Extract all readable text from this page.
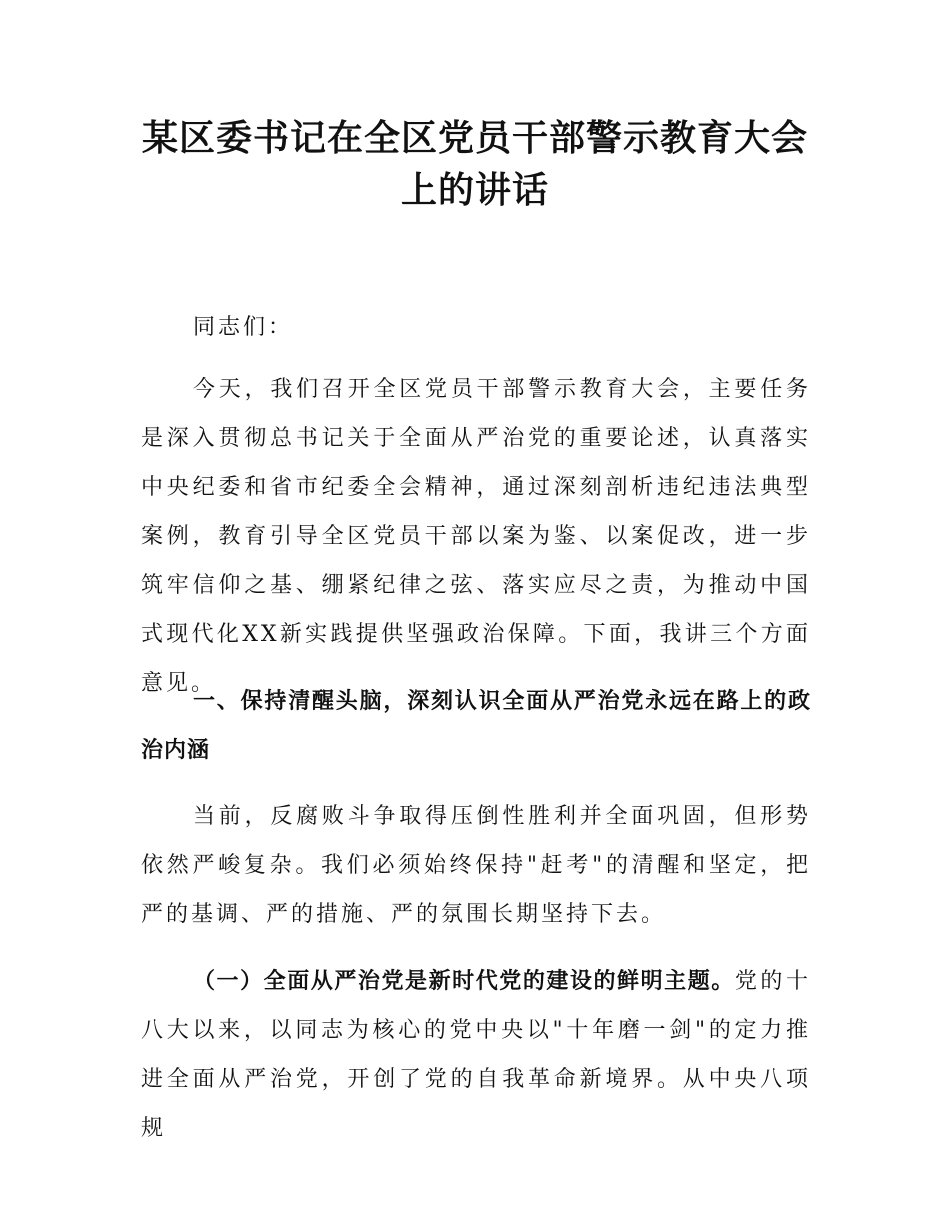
某区委书记在全区党员干部警示教育大会上的讲话

同志们：

今天，我们召开全区党员干部警示教育大会，主要任务是深入贯彻总书记关于全面从严治党的重要论述，认真落实中央纪委和省市纪委全会精神，通过深刻剖析违纪违法典型案例，教育引导全区党员干部以案为鉴、以案促改，进一步筑牢信仰之基、绷紧纪律之弦、落实应尽之责，为推动中国式现代化XX新实践提供坚强政治保障。下面，我讲三个方面意见。

一、保持清醒头脑，深刻认识全面从严治党永远在路上的政治内涵

当前，反腐败斗争取得压倒性胜利并全面巩固，但形势依然严峻复杂。我们必须始终保持"赶考"的清醒和坚定，把严的基调、严的措施、严的氛围长期坚持下去。

（一）全面从严治党是新时代党的建设的鲜明主题。党的十八大以来，以同志为核心的党中央以"十年磨一剑"的定力推进全面从严治党，开创了党的自我革命新境界。从中央八项规
